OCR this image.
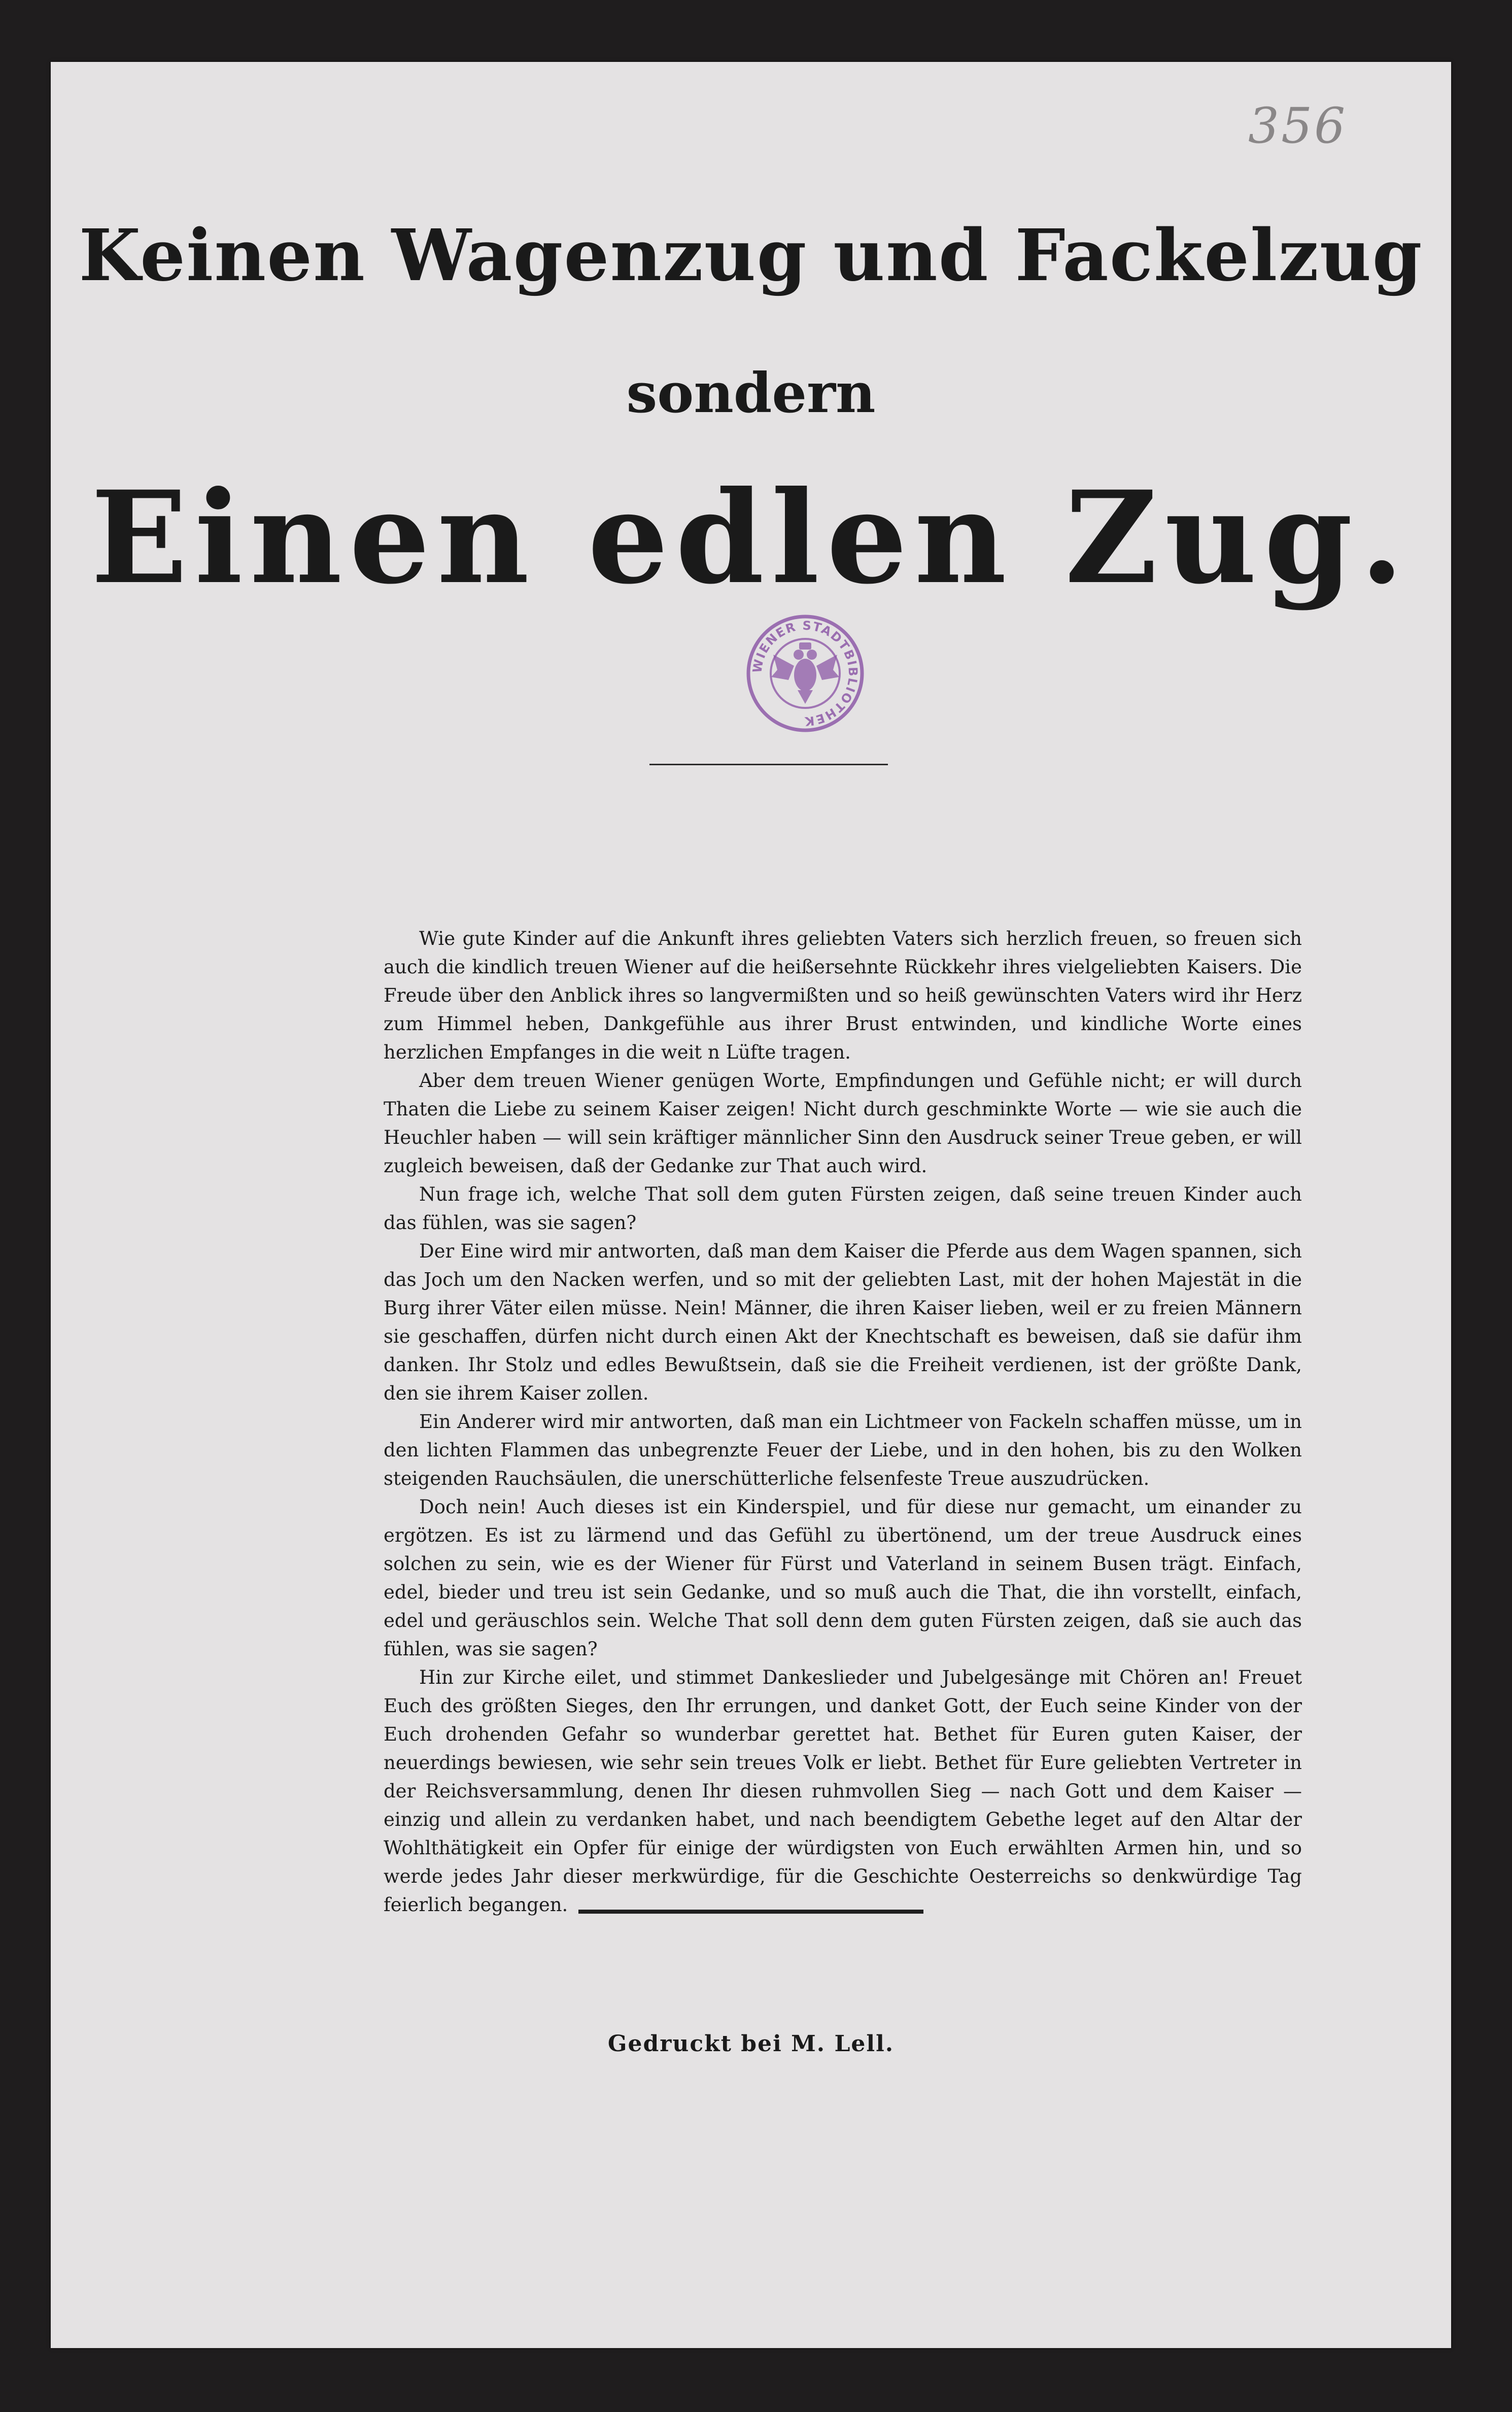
356
Keinen Wagenzug und Fackelzug
sondern
Einen edlen Zug.
WIENER STADTBIBLIOTHEK

Wie gute Kinder auf die Ankunft ihres geliebten Vaters sich herzlich freuen, so freuen sich auch die kindlich treuen Wiener auf die heißersehnte Rückkehr ihres vielgeliebten Kaisers. Die Freude über den Anblick ihres so langvermißten und so heiß gewünschten Vaters wird ihr Herz zum Himmel heben, Dankgefühle aus ihrer Brust entwinden, und kindliche Worte eines herzlichen Empfanges in die weit n Lüfte tragen.

Aber dem treuen Wiener genügen Worte, Empfindungen und Gefühle nicht; er will durch Thaten die Liebe zu seinem Kaiser zeigen! Nicht durch geschminkte Worte — wie sie auch die Heuchler haben — will sein kräftiger männlicher Sinn den Ausdruck seiner Treue geben, er will zugleich beweisen, daß der Gedanke zur That auch wird.

Nun frage ich, welche That soll dem guten Fürsten zeigen, daß seine treuen Kinder auch das fühlen, was sie sagen?

Der Eine wird mir antworten, daß man dem Kaiser die Pferde aus dem Wagen spannen, sich das Joch um den Nacken werfen, und so mit der geliebten Last, mit der hohen Majestät in die Burg ihrer Väter eilen müsse. Nein! Männer, die ihren Kaiser lieben, weil er zu freien Männern sie geschaffen, dürfen nicht durch einen Akt der Knechtschaft es beweisen, daß sie dafür ihm danken. Ihr Stolz und edles Bewußtsein, daß sie die Freiheit verdienen, ist der größte Dank, den sie ihrem Kaiser zollen.

Ein Anderer wird mir antworten, daß man ein Lichtmeer von Fackeln schaffen müsse, um in den lichten Flammen das unbegrenzte Feuer der Liebe, und in den hohen, bis zu den Wolken steigenden Rauchsäulen, die unerschütterliche felsenfeste Treue auszudrücken.

Doch nein! Auch dieses ist ein Kinderspiel, und für diese nur gemacht, um einander zu ergötzen. Es ist zu lärmend und das Gefühl zu übertönend, um der treue Ausdruck eines solchen zu sein, wie es der Wiener für Fürst und Vaterland in seinem Busen trägt. Einfach, edel, bieder und treu ist sein Gedanke, und so muß auch die That, die ihn vorstellt, einfach, edel und geräuschlos sein. Welche That soll denn dem guten Fürsten zeigen, daß sie auch das fühlen, was sie sagen?

Hin zur Kirche eilet, und stimmet Dankeslieder und Jubelgesänge mit Chören an! Freuet Euch des größten Sieges, den Ihr errungen, und danket Gott, der Euch seine Kinder von der Euch drohenden Gefahr so wunderbar gerettet hat. Bethet für Euren guten Kaiser, der neuerdings bewiesen, wie sehr sein treues Volk er liebt. Bethet für Eure geliebten Vertreter in der Reichsversammlung, denen Ihr diesen ruhmvollen Sieg — nach Gott und dem Kaiser — einzig und allein zu verdanken habet, und nach beendigtem Gebethe leget auf den Altar der Wohlthätigkeit ein Opfer für einige der würdigsten von Euch erwählten Armen hin, und so werde jedes Jahr dieser merkwürdige, für die Geschichte Oesterreichs so denkwürdige Tag feierlich begangen.

Gedruckt bei M. Lell.
